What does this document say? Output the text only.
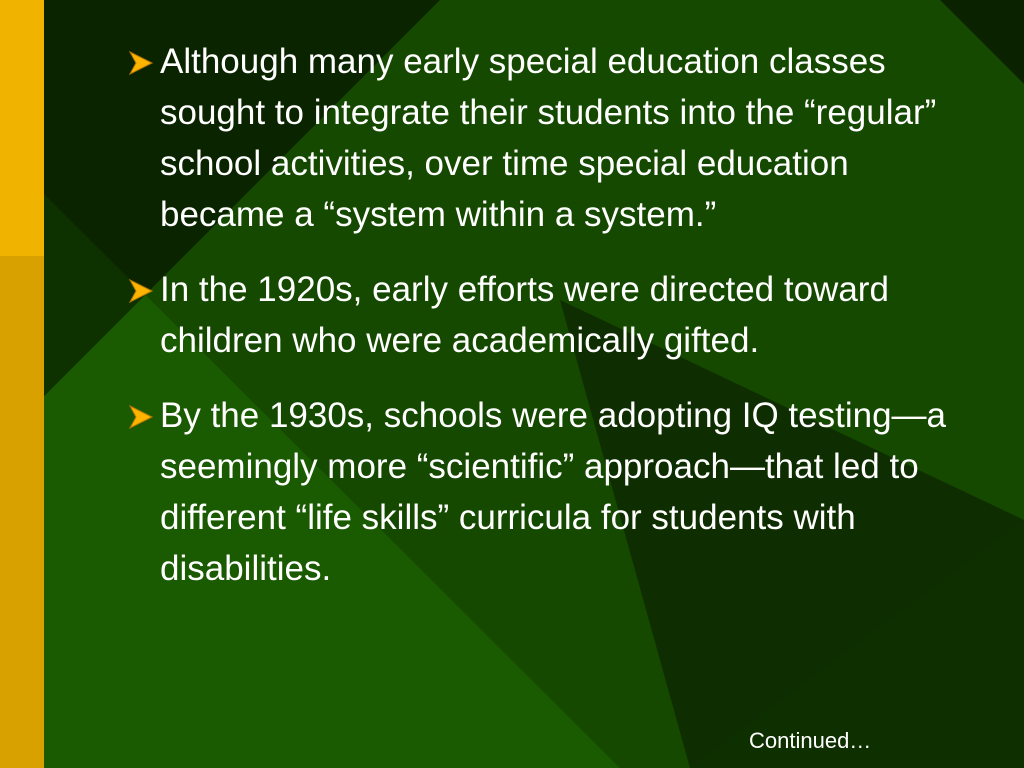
Although many early special education classes sought to integrate their students into the “regular” school activities, over time special education became a “system within a system.”
In the 1920s, early efforts were directed toward children who were academically gifted.
By the 1930s, schools were adopting IQ testing—a seemingly more “scientific” approach—that led to different “life skills” curricula for students with disabilities.
Continued…
